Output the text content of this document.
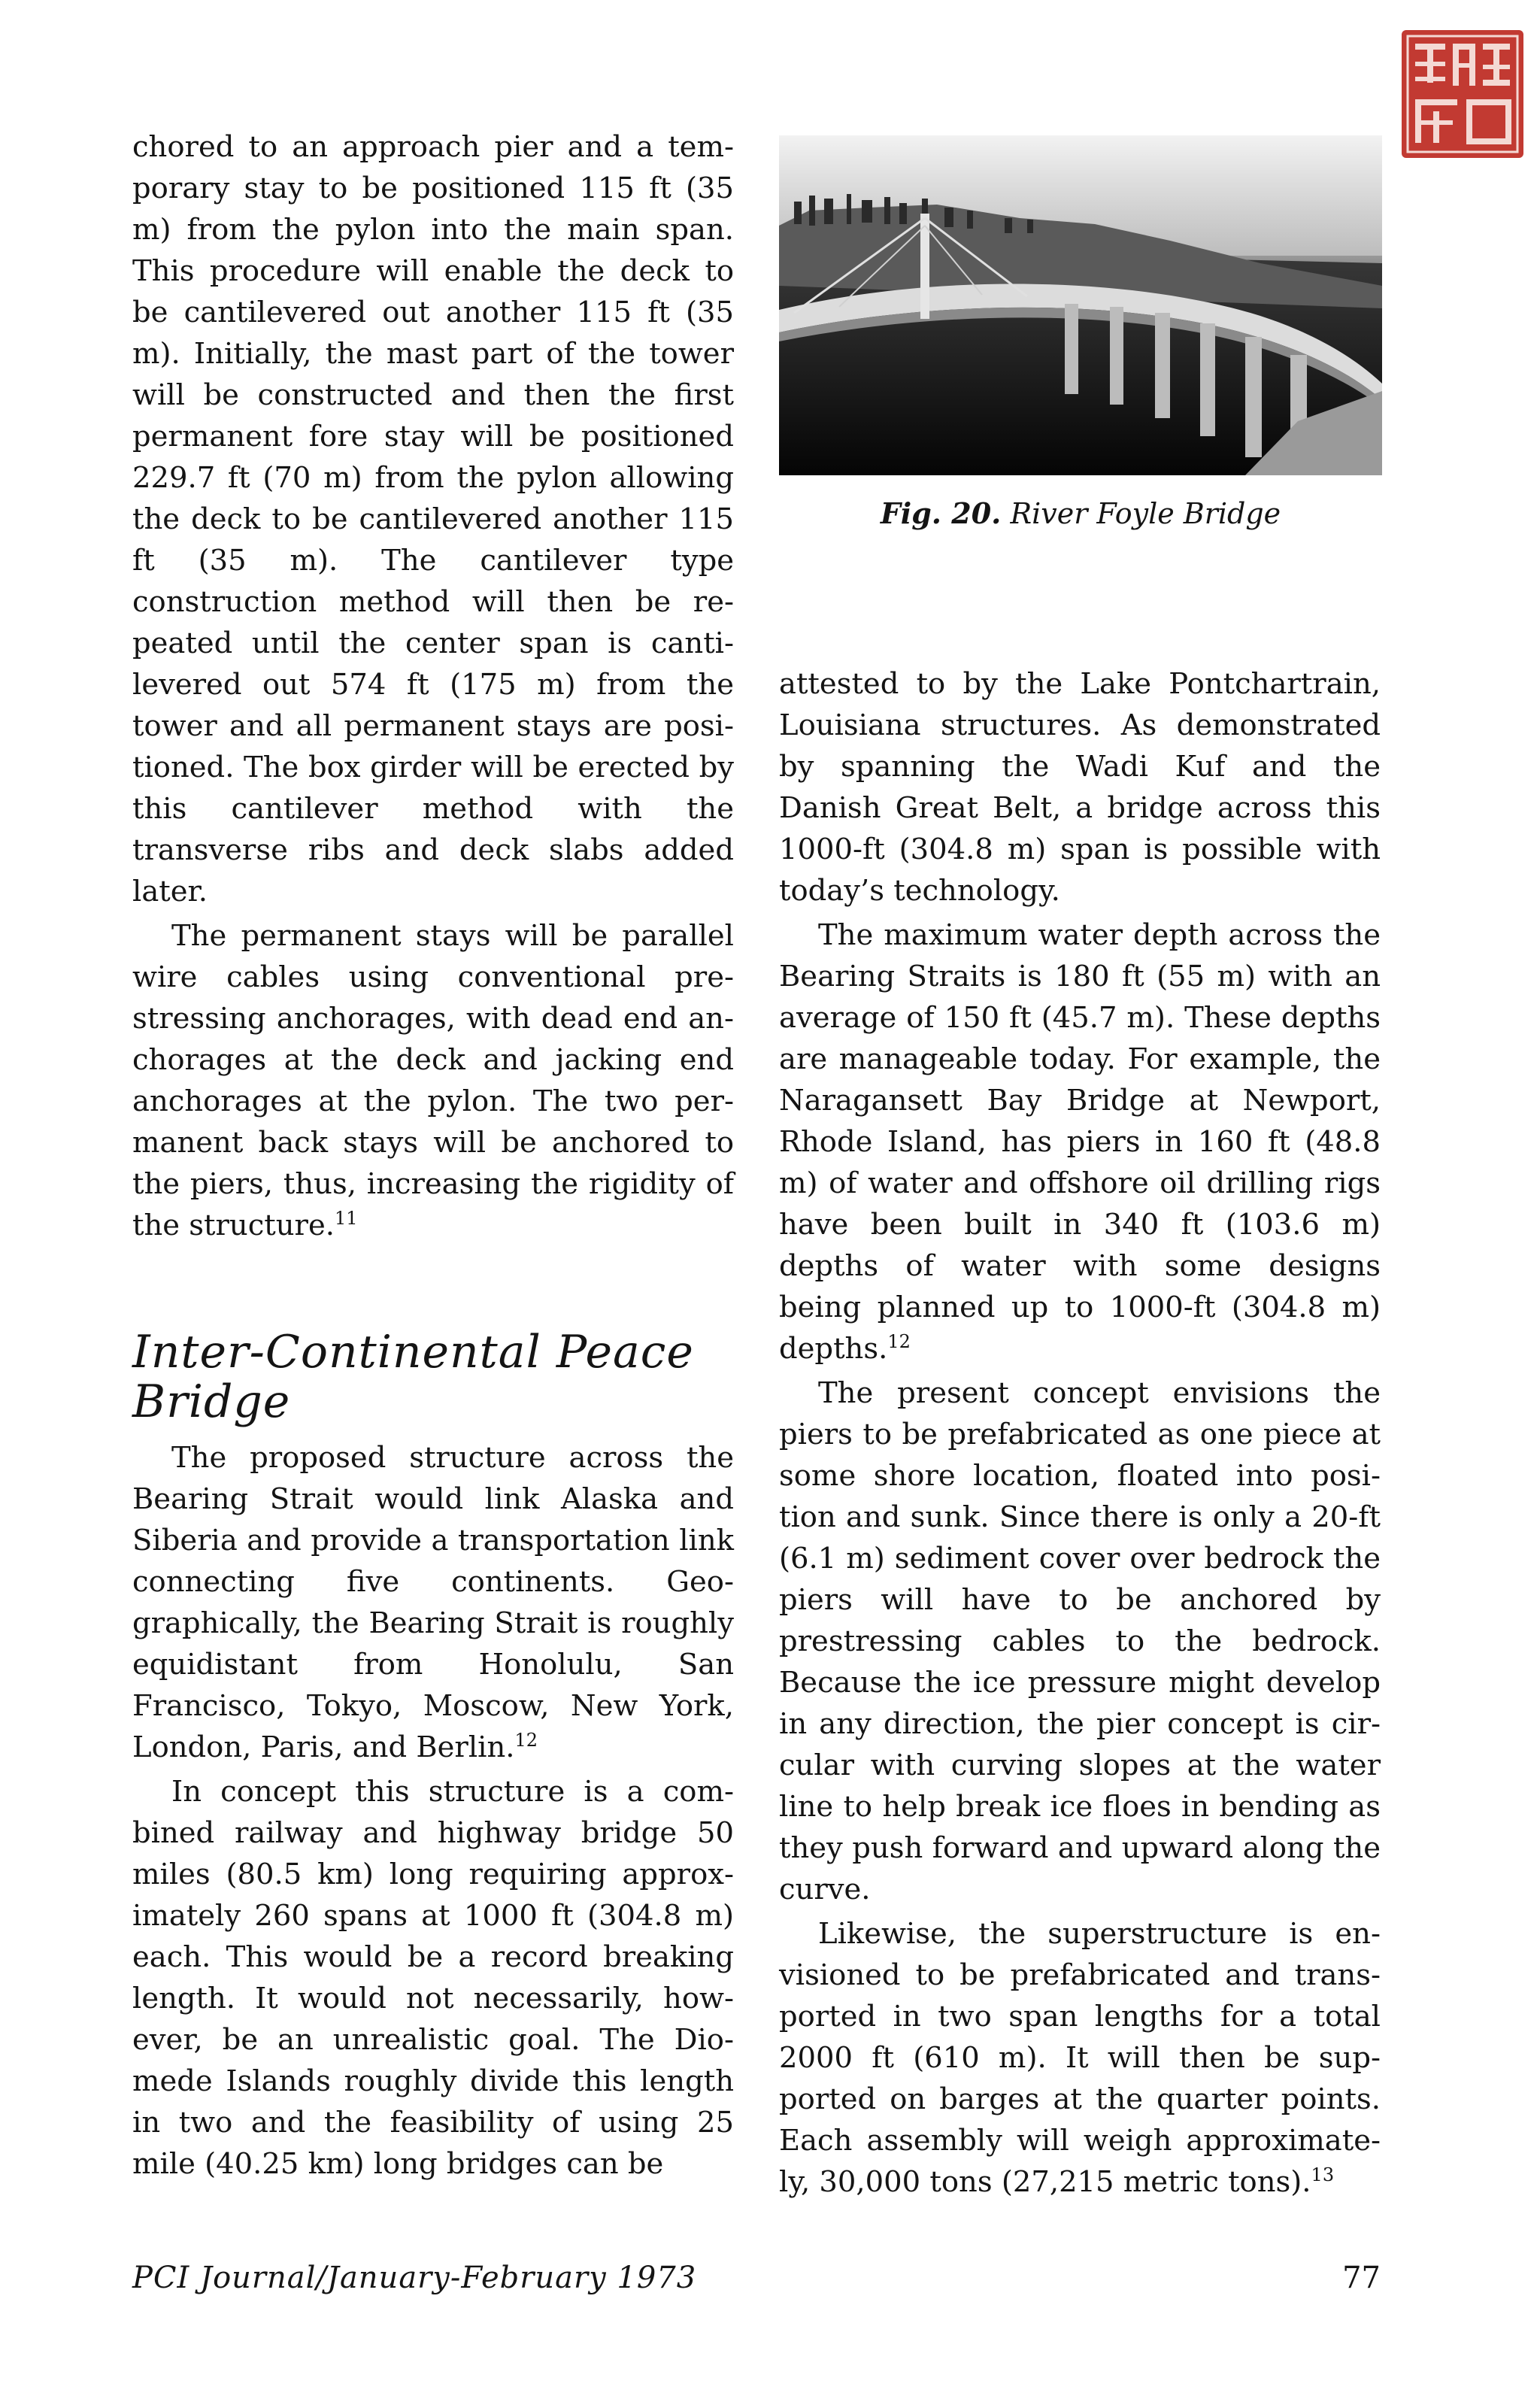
chored to an approach pier and a temporary stay to be positioned 115 ft (35 m) from the pylon into the main span. This procedure will enable the deck to be cantilevered out another 115 ft (35 m). Initially, the mast part of the tower will be constructed and then the first permanent fore stay will be positioned 229.7 ft (70 m) from the pylon allowing the deck to be cantilevered another 115 ft (35 m). The cantilever type construction method will then be repeated until the center span is cantilevered out 574 ft (175 m) from the tower and all permanent stays are positioned. The box girder will be erected by this cantilever method with the transverse ribs and deck slabs added later.

The permanent stays will be parallel wire cables using conventional prestressing anchorages, with dead end anchorages at the deck and jacking end anchorages at the pylon. The two permanent back stays will be anchored to the piers, thus, increasing the rigidity of the structure.$^{11}$

Inter-Continental Peace Bridge

The proposed structure across the Bearing Strait would link Alaska and Siberia and provide a transportation link connecting five continents. Geographically, the Bearing Strait is roughly equidistant from Honolulu, San Francisco, Tokyo, Moscow, New York, London, Paris, and Berlin.$^{12}$

In concept this structure is a combined railway and highway bridge 50 miles (80.5 km) long requiring approximately 260 spans at 1000 ft (304.8 m) each. This would be a record breaking length. It would not necessarily, however, be an unrealistic goal. The Diomede Islands roughly divide this length in two and the feasibility of using 25 mile (40.25 km) long bridges can be

Fig. 20. River Foyle Bridge

attested to by the Lake Pontchartrain, Louisiana structures. As demonstrated by spanning the Wadi Kuf and the Danish Great Belt, a bridge across this 1000-ft (304.8 m) span is possible with today’s technology.

The maximum water depth across the Bearing Straits is 180 ft (55 m) with an average of 150 ft (45.7 m). These depths are manageable today. For example, the Naragansett Bay Bridge at Newport, Rhode Island, has piers in 160 ft (48.8 m) of water and offshore oil drilling rigs have been built in 340 ft (103.6 m) depths of water with some designs being planned up to 1000-ft (304.8 m) depths.$^{12}$

The present concept envisions the piers to be prefabricated as one piece at some shore location, floated into position and sunk. Since there is only a 20-ft (6.1 m) sediment cover over bedrock the piers will have to be anchored by prestressing cables to the bedrock. Because the ice pressure might develop in any direction, the pier concept is circular with curving slopes at the water line to help break ice floes in bending as they push forward and upward along the curve.

Likewise, the superstructure is envisioned to be prefabricated and transported in two span lengths for a total 2000 ft (610 m). It will then be supported on barges at the quarter points. Each assembly will weigh approximately, 30,000 tons (27,215 metric tons).$^{13}$

PCI Journal/January-February 1973	77
